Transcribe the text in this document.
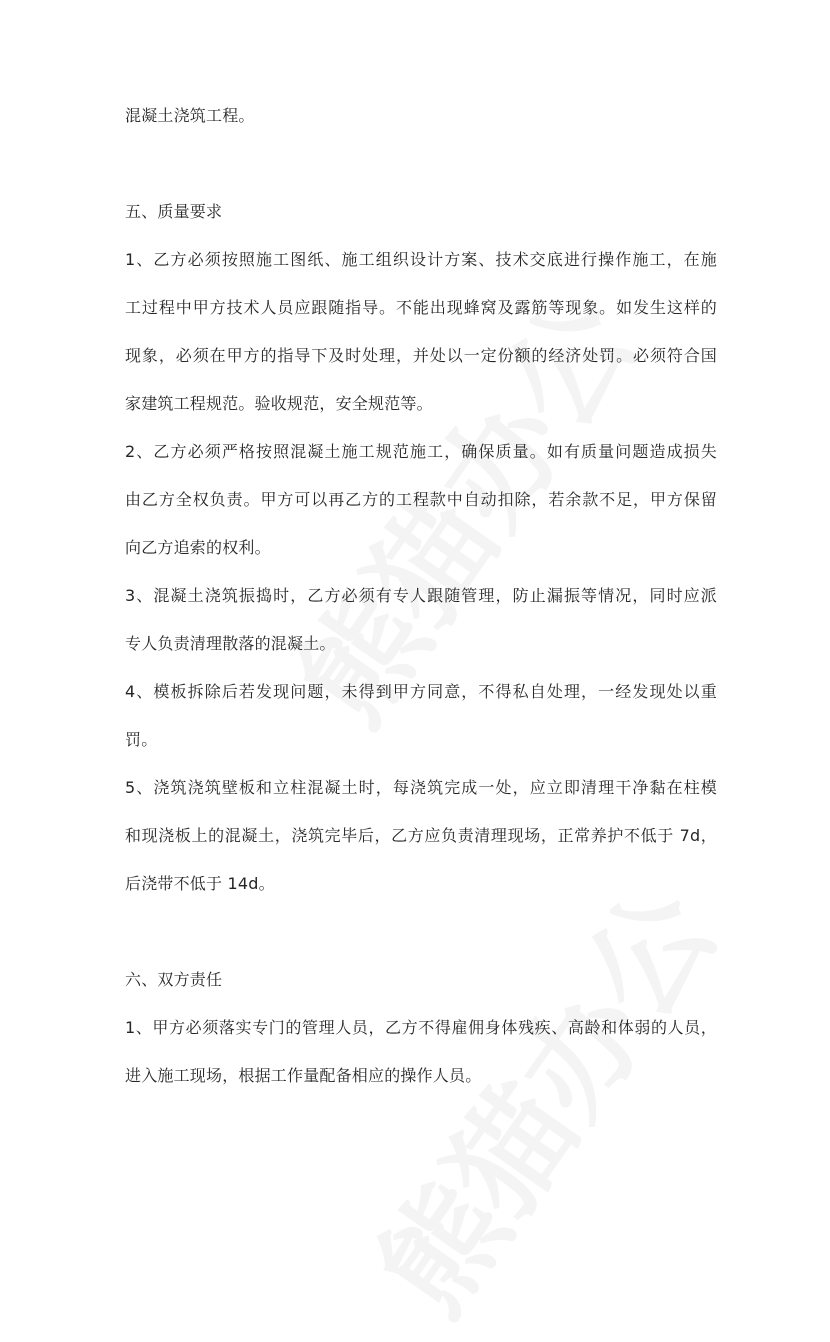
混凝土浇筑工程。
五、质量要求
1、乙方必须按照施工图纸、施工组织设计方案、技术交底进行操作施工，在施
工过程中甲方技术人员应跟随指导。不能出现蜂窝及露筋等现象。如发生这样的
现象，必须在甲方的指导下及时处理，并处以一定份额的经济处罚。必须符合国
家建筑工程规范。验收规范，安全规范等。
2、乙方必须严格按照混凝土施工规范施工，确保质量。如有质量问题造成损失
由乙方全权负责。甲方可以再乙方的工程款中自动扣除，若余款不足，甲方保留
向乙方追索的权利。
3、混凝土浇筑振捣时，乙方必须有专人跟随管理，防止漏振等情况，同时应派
专人负责清理散落的混凝土。
4、模板拆除后若发现问题，未得到甲方同意，不得私自处理，一经发现处以重
罚。
5、浇筑浇筑壁板和立柱混凝土时，每浇筑完成一处，应立即清理干净黏在柱模
和现浇板上的混凝土，浇筑完毕后，乙方应负责清理现场，正常养护不低于 7d，
后浇带不低于 14d。
六、双方责任
1、甲方必须落实专门的管理人员，乙方不得雇佣身体残疾、高龄和体弱的人员，
进入施工现场，根据工作量配备相应的操作人员。
